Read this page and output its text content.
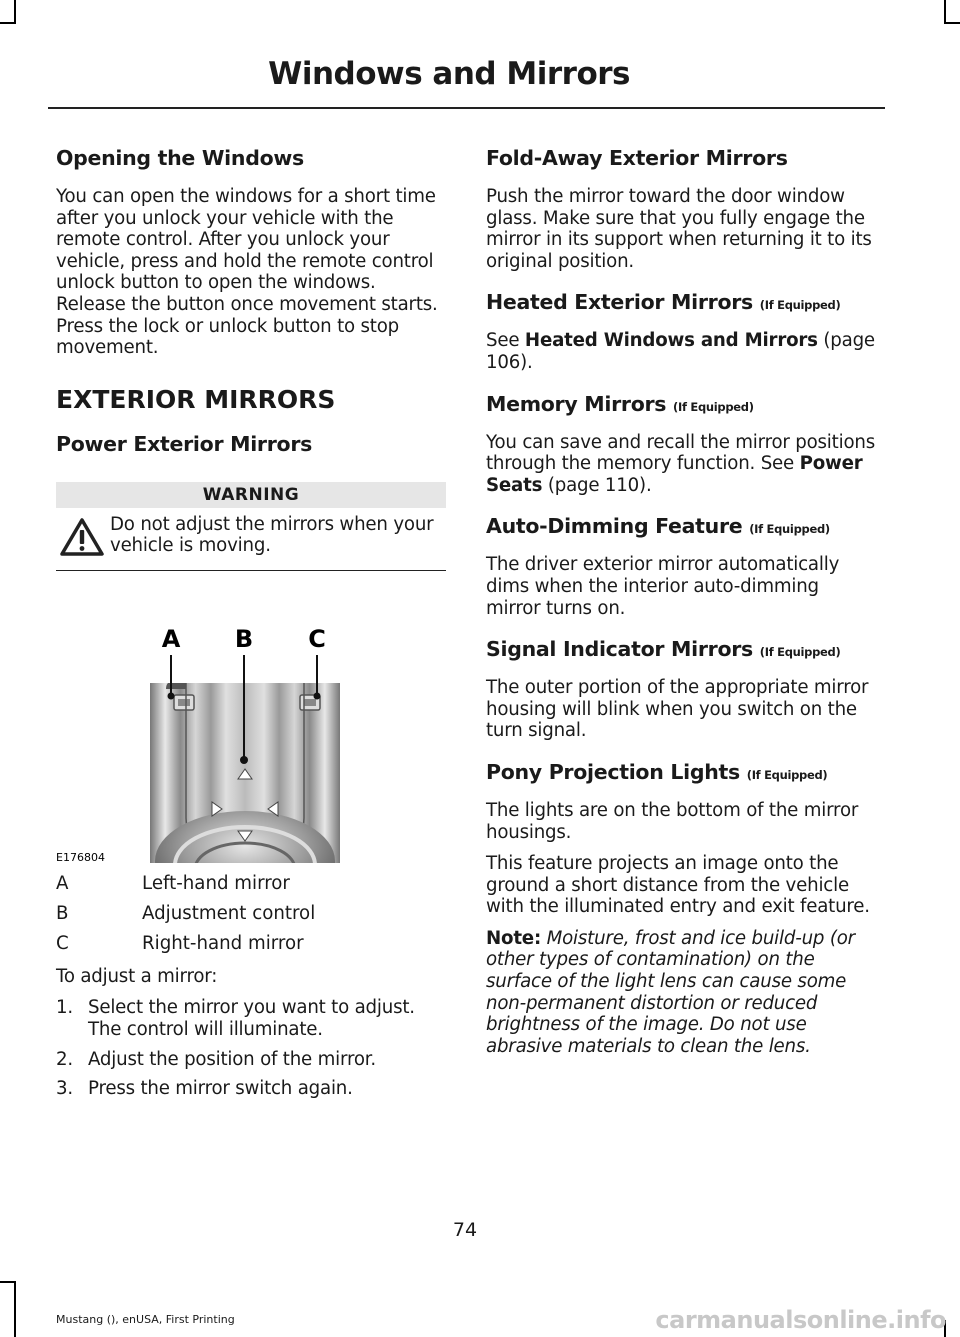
Windows and Mirrors
Opening the Windows

You can open the windows for a short time after you unlock your vehicle with the remote control. After you unlock your vehicle, press and hold the remote control unlock button to open the windows. Release the button once movement starts. Press the lock or unlock button to stop movement.

EXTERIOR MIRRORS
Power Exterior Mirrors
WARNING
Do not adjust the mirrors when your vehicle is moving.
A B C
E176804
A	Left-hand mirror
B	Adjustment control
C	Right-hand mirror

To adjust a mirror:

1. Select the mirror you want to adjust. The control will illuminate.
2. Adjust the position of the mirror.
3. Press the mirror switch again.
Fold-Away Exterior Mirrors

Push the mirror toward the door window glass. Make sure that you fully engage the mirror in its support when returning it to its original position.

Heated Exterior Mirrors (If Equipped)

See Heated Windows and Mirrors (page 106).

Memory Mirrors (If Equipped)

You can save and recall the mirror positions through the memory function. See Power Seats (page 110).

Auto-Dimming Feature (If Equipped)

The driver exterior mirror automatically dims when the interior auto-dimming mirror turns on.

Signal Indicator Mirrors (If Equipped)

The outer portion of the appropriate mirror housing will blink when you switch on the turn signal.

Pony Projection Lights (If Equipped)

The lights are on the bottom of the mirror housings.

This feature projects an image onto the ground a short distance from the vehicle with the illuminated entry and exit feature.

Note: Moisture, frost and ice build-up (or other types of contamination) on the surface of the light lens can cause some non-permanent distortion or reduced brightness of the image. Do not use abrasive materials to clean the lens.

74
Mustang (), enUSA, First Printing	carmanualsonline.info
